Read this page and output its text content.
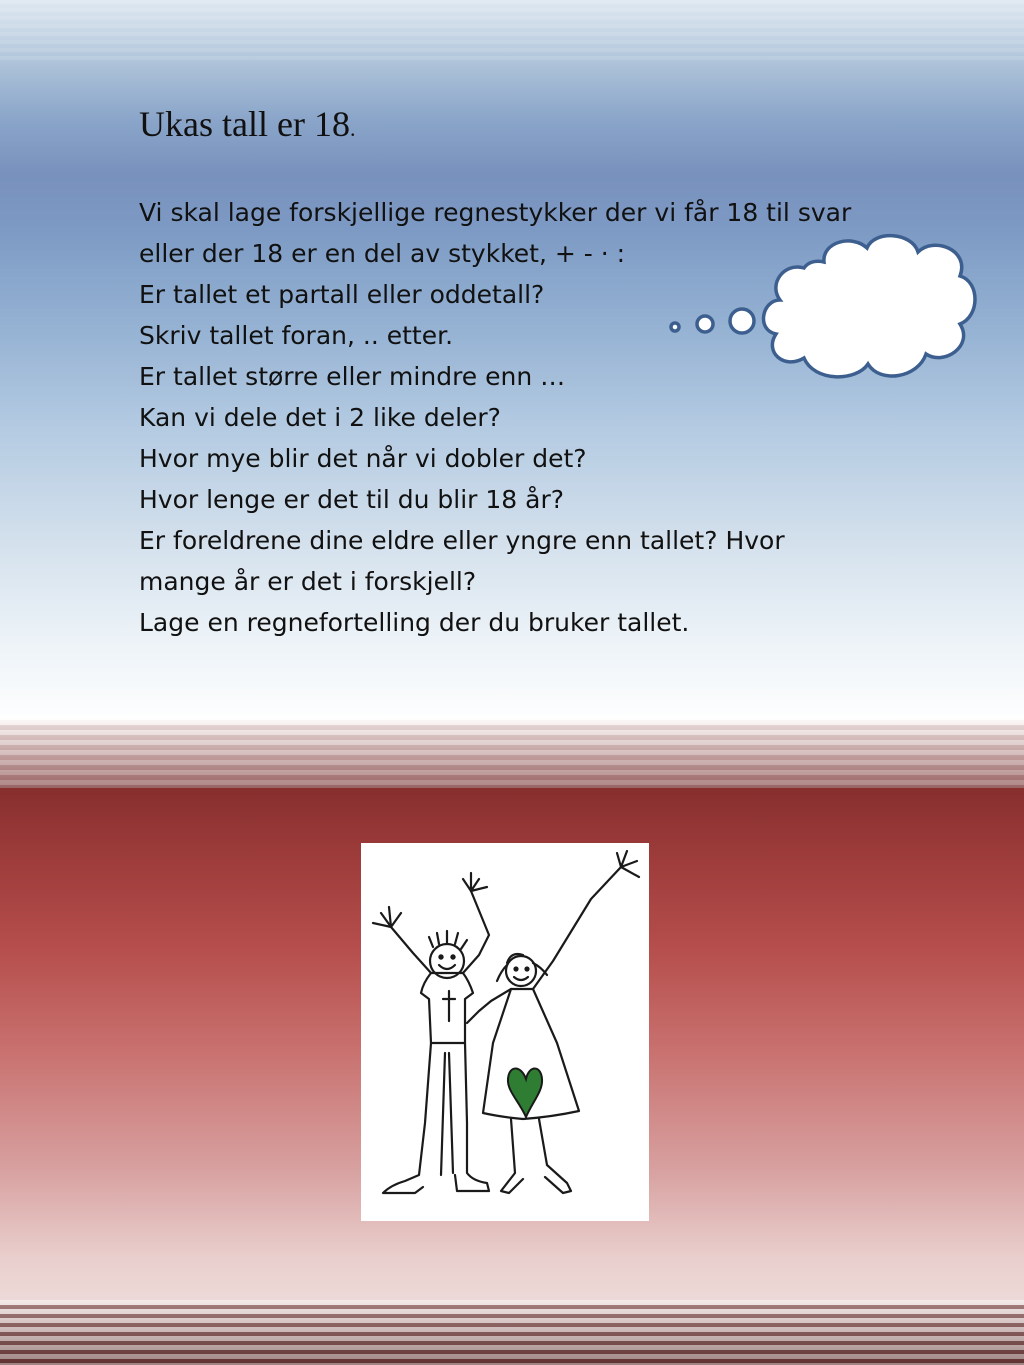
Ukas tall er 18.
Vi skal lage forskjellige regnestykker der vi får 18 til svar
eller der 18 er en del av stykket, + - · :
Er tallet et partall eller oddetall?
Skriv tallet foran, .. etter.
Er tallet større eller mindre enn …
Kan vi dele det i 2 like deler?
Hvor mye blir det når vi dobler det?
Hvor lenge er det til du blir 18 år?
Er foreldrene dine eldre eller yngre enn tallet? Hvor
mange år er det i forskjell?
Lage en regnefortelling der du bruker tallet.
